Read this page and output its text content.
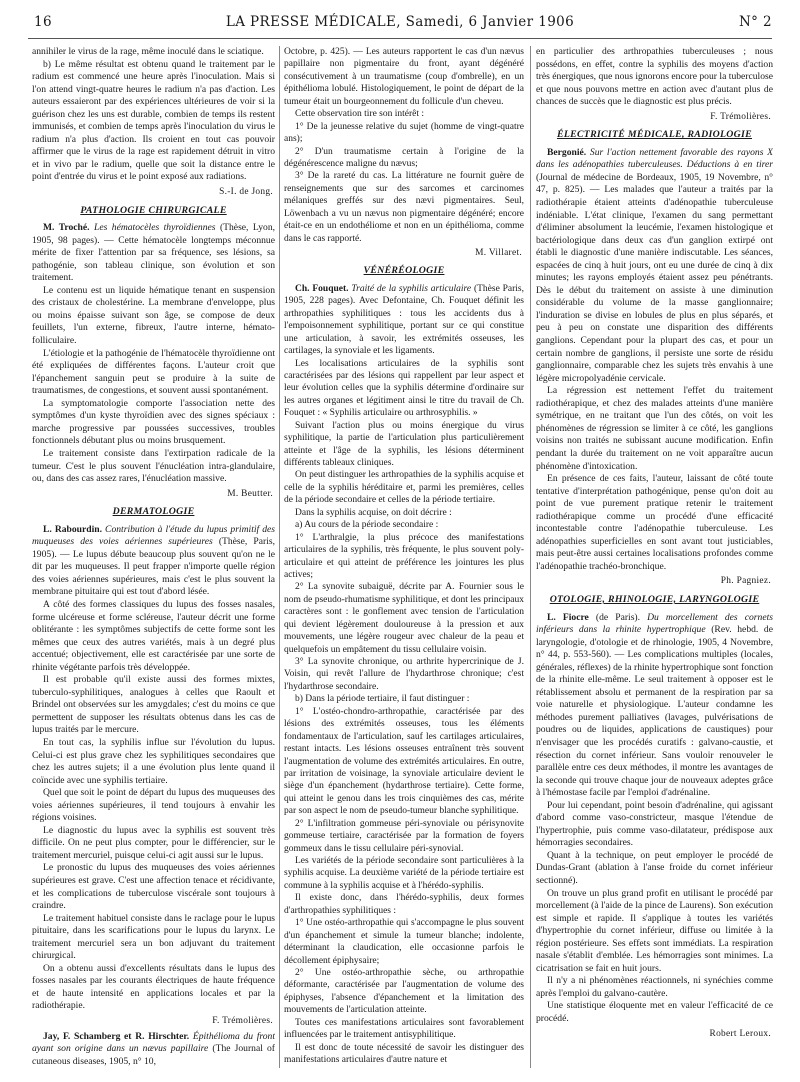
16	LA PRESSE MÉDICALE, Samedi, 6 Janvier 1906	N° 2

annihiler le virus de la rage, même inoculé dans le sciatique.

b) Le même résultat est obtenu quand le traitement par le radium est commencé une heure après l'inoculation. Mais si l'on attend vingt-quatre heures le radium n'a pas d'action. Les auteurs essaieront par des expériences ultérieures de voir si la guérison chez les uns est durable, combien de temps ils restent immunisés, et combien de temps après l'inoculation du virus le radium n'a plus d'action. Ils croient en tout cas pouvoir affirmer que le virus de la rage est rapidement détruit in vitro et in vivo par le radium, quelle que soit la distance entre le point d'entrée du virus et le point exposé aux radiations.

S.-I. de Jong.

PATHOLOGIE CHIRURGICALE

M. Troché. Les hématocèles thyroïdiennes (Thèse, Lyon, 1905, 98 pages). — Cette hématocèle longtemps méconnue mérite de fixer l'attention par sa fréquence, ses lésions, sa pathogénie, son tableau clinique, son évolution et son traitement.

Le contenu est un liquide hématique tenant en suspension des cristaux de cholestérine. La membrane d'enveloppe, plus ou moins épaisse suivant son âge, se compose de deux feuillets, l'un externe, fibreux, l'autre interne, hémato-folliculaire.

L'étiologie et la pathogénie de l'hématocèle thyroïdienne ont été expliquées de différentes façons. L'auteur croit que l'épanchement sanguin peut se produire à la suite de traumatismes, de congestions, et souvent aussi spontanément.

La symptomatologie comporte l'association nette des symptômes d'un kyste thyroïdien avec des signes spéciaux : marche progressive par poussées successives, troubles fonctionnels débutant plus ou moins brusquement.

Le traitement consiste dans l'extirpation radicale de la tumeur. C'est le plus souvent l'énucléation intra-glandulaire, ou, dans des cas assez rares, l'énucléation massive.

M. Beutter.

DERMATOLOGIE

L. Rabourdin. Contribution à l'étude du lupus primitif des muqueuses des voies aériennes supérieures (Thèse, Paris, 1905). — Le lupus débute beaucoup plus souvent qu'on ne le dit par les muqueuses. Il peut frapper n'importe quelle région des voies aériennes supérieures, mais c'est le plus souvent la membrane pituitaire qui est tout d'abord lésée.

A côté des formes classiques du lupus des fosses nasales, forme ulcéreuse et forme scléreuse, l'auteur décrit une forme oblitérante : les symptômes subjectifs de cette forme sont les mêmes que ceux des autres variétés, mais à un degré plus accentué; objectivement, elle est caractérisée par une sorte de rhinite végétante parfois très développée.

Il est probable qu'il existe aussi des formes mixtes, tuberculo-syphilitiques, analogues à celles que Raoult et Brindel ont observées sur les amygdales; c'est du moins ce que permettent de supposer les résultats obtenus dans les cas de lupus traités par le mercure.

En tout cas, la syphilis influe sur l'évolution du lupus. Celui-ci est plus grave chez les syphilitiques secondaires que chez les autres sujets; il a une évolution plus lente quand il coïncide avec une syphilis tertiaire.

Quel que soit le point de départ du lupus des muqueuses des voies aériennes supérieures, il tend toujours à envahir les régions voisines.

Le diagnostic du lupus avec la syphilis est souvent très difficile. On ne peut plus compter, pour le différencier, sur le traitement mercuriel, puisque celui-ci agit aussi sur le lupus.

Le pronostic du lupus des muqueuses des voies aériennes supérieures est grave. C'est une affection tenace et récidivante, et les complications de tuberculose viscérale sont toujours à craindre.

Le traitement habituel consiste dans le raclage pour le lupus pituitaire, dans les scarifications pour le lupus du larynx. Le traitement mercuriel sera un bon adjuvant du traitement chirurgical.

On a obtenu aussi d'excellents résultats dans le lupus des fosses nasales par les courants électriques de haute fréquence et de haute intensité en applications locales et par la radiothérapie.

F. Trémolières.

Jay, F. Schamberg et R. Hirschter. Épithélioma du front ayant son origine dans un nævus papillaire (The Journal of cutaneous diseases, 1905, n° 10,

Octobre, p. 425). — Les auteurs rapportent le cas d'un nævus papillaire non pigmentaire du front, ayant dégénéré consécutivement à un traumatisme (coup d'ombrelle), en un épithélioma lobulé. Histologiquement, le point de départ de la tumeur était un bourgeonnement du follicule d'un cheveu.

Cette observation tire son intérêt :

1° De la jeunesse relative du sujet (homme de vingt-quatre ans);

2° D'un traumatisme certain à l'origine de la dégénérescence maligne du nævus;

3° De la rareté du cas. La littérature ne fournit guère de renseignements que sur des sarcomes et carcinomes mélaniques greffés sur des nævi pigmentaires. Seul, Löwenbach a vu un nævus non pigmentaire dégénéré; encore était-ce en un endothéliome et non en un épithélioma, comme dans le cas rapporté.

M. Villaret.

VÉNÉRÉOLOGIE

Ch. Fouquet. Traité de la syphilis articulaire (Thèse Paris, 1905, 228 pages). Avec Defontaine, Ch. Fouquet définit les arthropathies syphilitiques : tous les accidents dus à l'empoisonnement syphilitique, portant sur ce qui constitue une articulation, à savoir, les extrémités osseuses, les cartilages, la synoviale et les ligaments.

Les localisations articulaires de la syphilis sont caractérisées par des lésions qui rappellent par leur aspect et leur évolution celles que la syphilis détermine d'ordinaire sur les autres organes et légitiment ainsi le titre du travail de Ch. Fouquet : « Syphilis articulaire ou arthrosyphilis. »

Suivant l'action plus ou moins énergique du virus syphilitique, la partie de l'articulation plus particulièrement atteinte et l'âge de la syphilis, les lésions déterminent différents tableaux cliniques.

On peut distinguer les arthropathies de la syphilis acquise et celle de la syphilis héréditaire et, parmi les premières, celles de la période secondaire et celles de la période tertiaire.

Dans la syphilis acquise, on doit décrire :

a) Au cours de la période secondaire :

1° L'arthralgie, la plus précoce des manifestations articulaires de la syphilis, très fréquente, le plus souvent poly-articulaire et qui atteint de préférence les jointures les plus actives;

2° La synovite subaiguë, décrite par A. Fournier sous le nom de pseudo-rhumatisme syphilitique, et dont les principaux caractères sont : le gonflement avec tension de l'articulation qui devient légèrement douloureuse à la pression et aux mouvements, une légère rougeur avec chaleur de la peau et quelquefois un empâtement du tissu cellulaire voisin.

3° La synovite chronique, ou arthrite hypercrinique de J. Voisin, qui revêt l'allure de l'hydarthrose chronique; c'est l'hydarthrose secondaire.

b) Dans la période tertiaire, il faut distinguer :

1° L'ostéo-chondro-arthropathie, caractérisée par des lésions des extrémités osseuses, tous les éléments fondamentaux de l'articulation, sauf les cartilages articulaires, restant intacts. Les lésions osseuses entraînent très souvent l'augmentation de volume des extrémités articulaires. En outre, par irritation de voisinage, la synoviale articulaire devient le siège d'un épanchement (hydarthrose tertiaire). Cette forme, qui atteint le genou dans les trois cinquièmes des cas, mérite par son aspect le nom de pseudo-tumeur blanche syphilitique.

2° L'infiltration gommeuse péri-synoviale ou périsynovite gommeuse tertiaire, caractérisée par la formation de foyers gommeux dans le tissu cellulaire péri-synovial.

Les variétés de la période secondaire sont particulières à la syphilis acquise. La deuxième variété de la période tertiaire est commune à la syphilis acquise et à l'hérédo-syphilis.

Il existe donc, dans l'hérédo-syphilis, deux formes d'arthropathies syphilitiques :

1° Une ostéo-arthropathie qui s'accompagne le plus souvent d'un épanchement et simule la tumeur blanche; indolente, déterminant la claudication, elle occasionne parfois le décollement épiphysaire;

2° Une ostéo-arthropathie sèche, ou arthropathie déformante, caractérisée par l'augmentation de volume des épiphyses, l'absence d'épanchement et la limitation des mouvements de l'articulation atteinte.

Toutes ces manifestations articulaires sont favorablement influencées par le traitement antisyphilitique.

Il est donc de toute nécessité de savoir les distinguer des manifestations articulaires d'autre nature et

en particulier des arthropathies tuberculeuses ; nous possédons, en effet, contre la syphilis des moyens d'action très énergiques, que nous ignorons encore pour la tuberculose et que nous pouvons mettre en action avec d'autant plus de chances de succès que le diagnostic est plus précis.

F. Trémolières.

ÉLECTRICITÉ MÉDICALE, RADIOLOGIE

Bergonié. Sur l'action nettement favorable des rayons X dans les adénopathies tuberculeuses. Déductions à en tirer (Journal de médecine de Bordeaux, 1905, 19 Novembre, n° 47, p. 825). — Les malades que l'auteur a traités par la radiothérapie étaient atteints d'adénopathie tuberculeuse indéniable. L'état clinique, l'examen du sang permettant d'éliminer absolument la leucémie, l'examen histologique et bactériologique dans deux cas d'un ganglion extirpé ont établi le diagnostic d'une manière indiscutable. Les séances, espacées de cinq à huit jours, ont eu une durée de cinq à dix minutes; les rayons employés étaient assez peu pénétrants. Dès le début du traitement on assiste à une diminution considérable du volume de la masse ganglionnaire; l'induration se divise en lobules de plus en plus séparés, et peu à peu on constate une disparition des différents ganglions. Cependant pour la plupart des cas, et pour un certain nombre de ganglions, il persiste une sorte de résidu ganglionnaire, comparable chez les sujets très envahis à une légère micropolyadénie cervicale.

La régression est nettement l'effet du traitement radiothérapique, et chez des malades atteints d'une manière symétrique, en ne traitant que l'un des côtés, on voit les phénomènes de régression se limiter à ce côté, les ganglions voisins non traités ne subissant aucune modification. Enfin pendant la durée du traitement on ne voit apparaître aucun phénomène d'intoxication.

En présence de ces faits, l'auteur, laissant de côté toute tentative d'interprétation pathogénique, pense qu'on doit au point de vue purement pratique retenir le traitement radiothérapique comme un procédé d'une efficacité incontestable contre l'adénopathie tuberculeuse. Les adénopathies superficielles en sont avant tout justiciables, mais peut-être aussi certaines localisations profondes comme l'adénopathie trachéo-bronchique.

Ph. Pagniez.

OTOLOGIE, RHINOLOGIE, LARYNGOLOGIE

L. Fiocre (de Paris). Du morcellement des cornets inférieurs dans la rhinite hypertrophique (Rev. hebd. de laryngologie, d'otologie et de rhinologie, 1905, 4 Novembre, n° 44, p. 553-560). — Les complications multiples (locales, générales, réflexes) de la rhinite hypertrophique sont fonction de la rhinite elle-même. Le seul traitement à opposer est le rétablissement absolu et permanent de la respiration par sa voie naturelle et physiologique. L'auteur condamne les méthodes purement palliatives (lavages, pulvérisations de poudres ou de liquides, applications de caustiques) pour n'envisager que les procédés curatifs : galvano-caustie, et résection du cornet inférieur. Sans vouloir renouveler le parallèle entre ces deux méthodes, il montre les avantages de la seconde qui trouve chaque jour de nouveaux adeptes grâce à l'hémostase facile par l'emploi d'adrénaline.

Pour lui cependant, point besoin d'adrénaline, qui agissant d'abord comme vaso-constricteur, masque l'étendue de l'hypertrophie, puis comme vaso-dilatateur, prédispose aux hémorragies secondaires.

Quant à la technique, on peut employer le procédé de Dundas-Grant (ablation à l'anse froide du cornet inférieur sectionné).

On trouve un plus grand profit en utilisant le procédé par morcellement (à l'aide de la pince de Laurens). Son exécution est simple et rapide. Il s'applique à toutes les variétés d'hypertrophie du cornet inférieur, diffuse ou limitée à la région postérieure. Ses effets sont immédiats. La respiration nasale s'établit d'emblée. Les hémorragies sont minimes. La cicatrisation se fait en huit jours.

Il n'y a ni phénomènes réactionnels, ni synéchies comme après l'emploi du galvano-cautère.

Une statistique éloquente met en valeur l'efficacité de ce procédé.

Robert Leroux.
